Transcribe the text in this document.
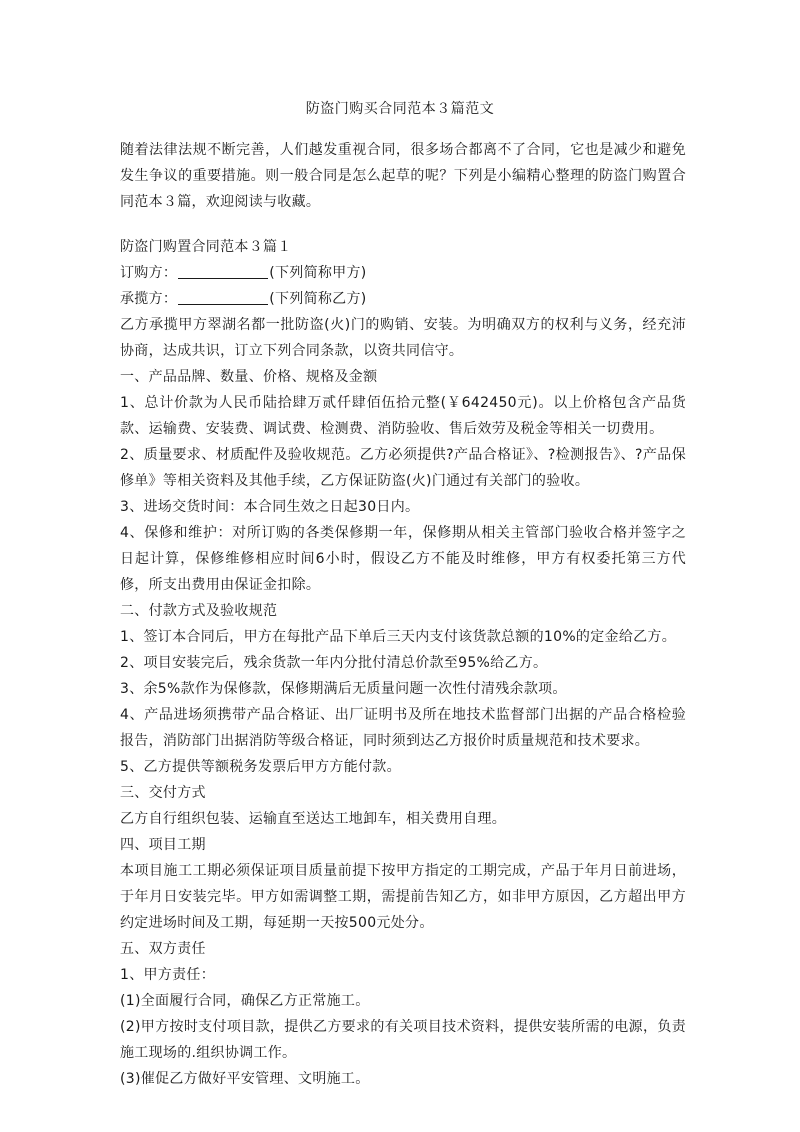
防盗门购买合同范本３篇范文

随着法律法规不断完善，人们越发重视合同，很多场合都离不了合同，它也是减少和避免发生争议的重要措施。则一般合同是怎么起草的呢？下列是小编精心整理的防盗门购置合同范本３篇，欢迎阅读与收藏。

防盗门购置合同范本３篇１

订购方：	(下列简称甲方)

承揽方：	(下列简称乙方)

乙方承揽甲方翠湖名都一批防盗(火)门的购销、安装。为明确双方的权利与义务，经充沛协商，达成共识，订立下列合同条款，以资共同信守。

一、产品品牌、数量、价格、规格及金额

1、总计价款为人民币陆拾肆万贰仟肆佰伍拾元整(￥642450元)。以上价格包含产品货款、运输费、安装费、调试费、检测费、消防验收、售后效劳及税金等相关一切费用。

2、质量要求、材质配件及验收规范。乙方必须提供?产品合格证》、?检测报告》、?产品保修单》等相关资料及其他手续，乙方保证防盗(火)门通过有关部门的验收。

3、进场交货时间：本合同生效之日起30日内。

4、保修和维护：对所订购的各类保修期一年，保修期从相关主管部门验收合格并签字之日起计算，保修维修相应时间6小时，假设乙方不能及时维修，甲方有权委托第三方代修，所支出费用由保证金扣除。

二、付款方式及验收规范

1、签订本合同后，甲方在每批产品下单后三天内支付该货款总额的10%的定金给乙方。

2、项目安装完后，残余货款一年内分批付清总价款至95%给乙方。

3、余5%款作为保修款，保修期满后无质量问题一次性付清残余款项。

4、产品进场须携带产品合格证、出厂证明书及所在地技术监督部门出据的产品合格检验报告，消防部门出据消防等级合格证，同时须到达乙方报价时质量规范和技术要求。

5、乙方提供等额税务发票后甲方方能付款。

三、交付方式

乙方自行组织包装、运输直至送达工地卸车，相关费用自理。

四、项目工期

本项目施工工期必须保证项目质量前提下按甲方指定的工期完成，产品于年月日前进场，于年月日安装完毕。甲方如需调整工期，需提前告知乙方，如非甲方原因，乙方超出甲方约定进场时间及工期，每延期一天按500元处分。

五、双方责任

1、甲方责任：

(1)全面履行合同，确保乙方正常施工。

(2)甲方按时支付项目款，提供乙方要求的有关项目技术资料，提供安装所需的电源，负责施工现场的.组织协调工作。

(3)催促乙方做好平安管理、文明施工。
